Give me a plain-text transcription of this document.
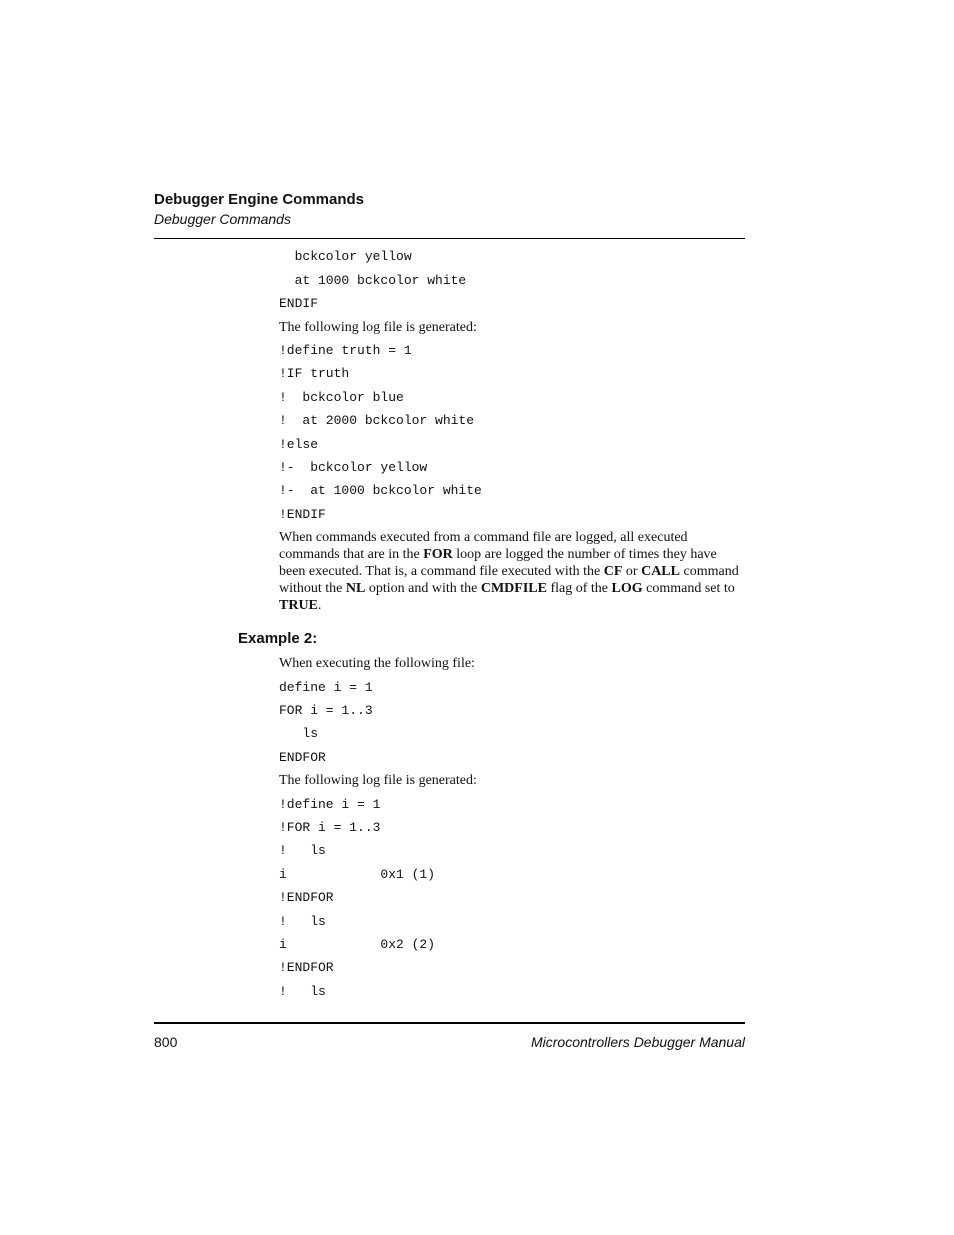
Debugger Engine Commands
Debugger Commands
bckcolor yellow
at 1000 bckcolor white
ENDIF
The following log file is generated:
!define truth = 1
!IF truth
!  bckcolor blue
!  at 2000 bckcolor white
!else
!-  bckcolor yellow
!-  at 1000 bckcolor white
!ENDIF
When commands executed from a command file are logged, all executed commands that are in the FOR loop are logged the number of times they have been executed. That is, a command file executed with the CF or CALL command without the NL option and with the CMDFILE flag of the LOG command set to TRUE.
Example 2:
When executing the following file:
define i = 1
FOR i = 1..3
ls
ENDFOR
The following log file is generated:
!define i = 1
!FOR i = 1..3
!   ls
i            0x1 (1)
!ENDFOR
!   ls
i            0x2 (2)
!ENDFOR
!   ls
800	Microcontrollers Debugger Manual
